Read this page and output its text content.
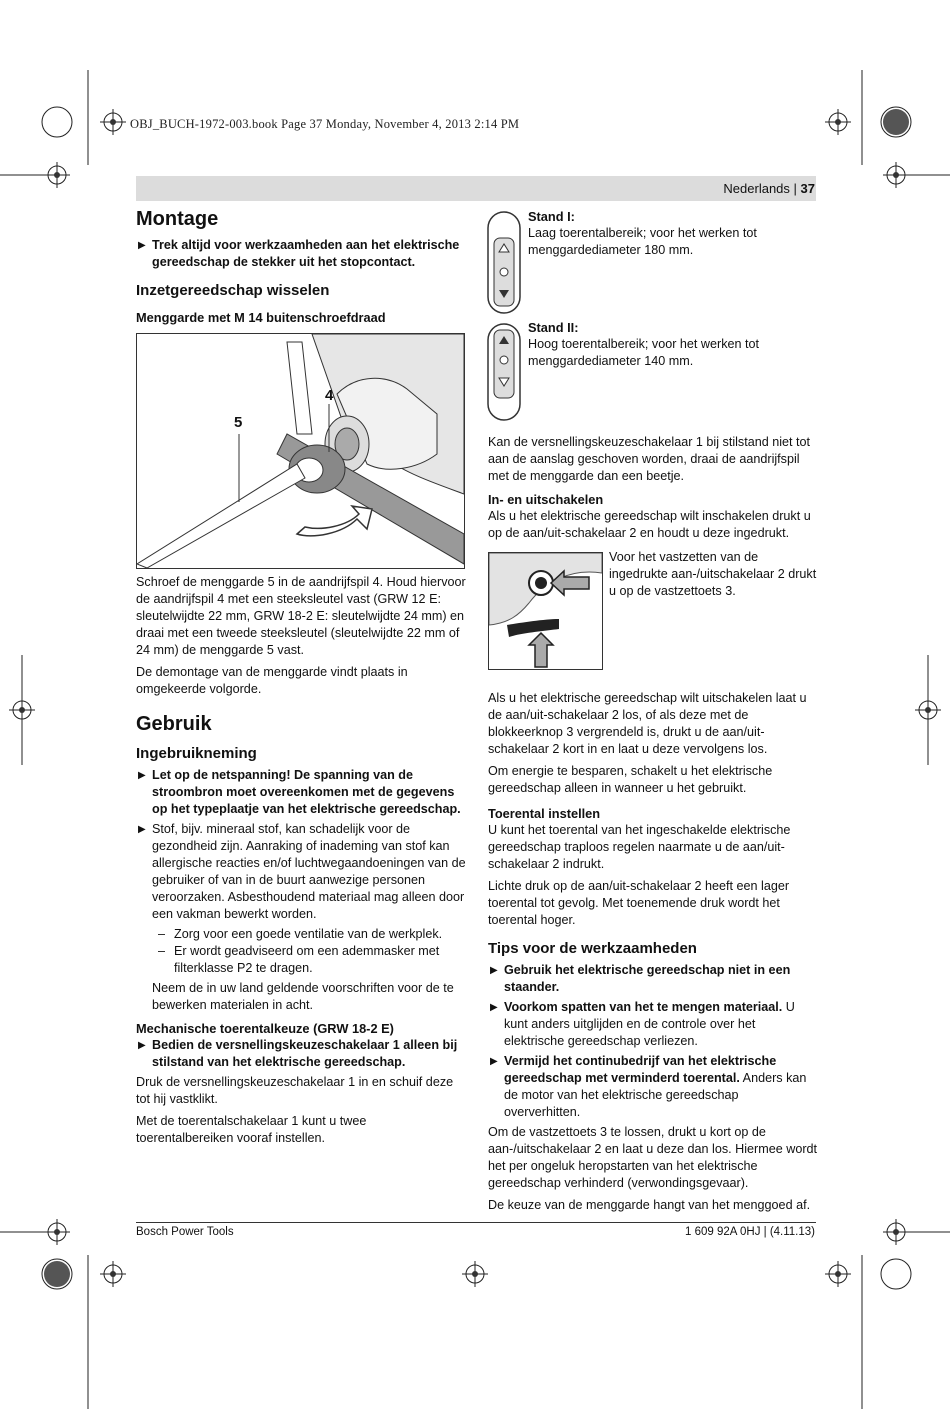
OBJ_BUCH-1972-003.book Page 37 Monday, November 4, 2013 2:14 PM
Nederlands | 37
Montage
▶ Trek altijd voor werkzaamheden aan het elektrische gereedschap de stekker uit het stopcontact.
Inzetgereedschap wisselen
Menggarde met M 14 buitenschroefdraad
5
4

Schroef de menggarde 5 in de aandrijfspil 4. Houd hiervoor de aandrijfspil 4 met een steeksleutel vast (GRW 12 E: sleutelwijdte 22 mm, GRW 18-2 E: sleutelwijdte 24 mm) en draai met een tweede steeksleutel (sleutelwijdte 22 mm of 24 mm) de menggarde 5 vast.

De demontage van de menggarde vindt plaats in omgekeerde volgorde.

Gebruik
Ingebruikneming
▶ Let op de netspanning! De spanning van de stroombron moet overeenkomen met de gegevens op het typeplaatje van het elektrische gereedschap.
▶ Stof, bijv. mineraal stof, kan schadelijk voor de gezondheid zijn. Aanraking of inademing van stof kan allergische reacties en/of luchtwegaandoeningen van de gebruiker of van in de buurt aanwezige personen veroorzaken. Asbesthoudend materiaal mag alleen door een vakman bewerkt worden.
– Zorg voor een goede ventilatie van de werkplek.
– Er wordt geadviseerd om een ademmasker met filterklasse P2 te dragen.

Neem de in uw land geldende voorschriften voor de te bewerken materialen in acht.

Mechanische toerentalkeuze (GRW 18-2 E)
▶ Bedien de versnellingskeuzeschakelaar 1 alleen bij stilstand van het elektrische gereedschap.

Druk de versnellingskeuzeschakelaar 1 in en schuif deze tot hij vastklikt.

Met de toerentalschakelaar 1 kunt u twee toerentalbereiken vooraf instellen.

Stand I:

Laag toerentalbereik; voor het werken tot menggardediameter 180 mm.

Stand II:

Hoog toerentalbereik; voor het werken tot menggardediameter 140 mm.

Kan de versnellingskeuzeschakelaar 1 bij stilstand niet tot aan de aanslag geschoven worden, draai de aandrijfspil met de menggarde dan een beetje.

In- en uitschakelen

Als u het elektrische gereedschap wilt inschakelen drukt u op de aan/uit-schakelaar 2 en houdt u deze ingedrukt.

Voor het vastzetten van de ingedrukte aan-/uitschakelaar 2 drukt u op de vastzettoets 3.

Als u het elektrische gereedschap wilt uitschakelen laat u de aan/uit-schakelaar 2 los, of als deze met de blokkeerknop 3 vergrendeld is, drukt u de aan/uit-schakelaar 2 kort in en laat u deze vervolgens los.

Om energie te besparen, schakelt u het elektrische gereedschap alleen in wanneer u het gebruikt.

Toerental instellen

U kunt het toerental van het ingeschakelde elektrische gereedschap traploos regelen naarmate u de aan/uit-schakelaar 2 indrukt.

Lichte druk op de aan/uit-schakelaar 2 heeft een lager toerental tot gevolg. Met toenemende druk wordt het toerental hoger.

Tips voor de werkzaamheden
▶ Gebruik het elektrische gereedschap niet in een staander.
▶ Voorkom spatten van het te mengen materiaal. U kunt anders uitglijden en de controle over het elektrische gereedschap verliezen.
▶ Vermijd het continubedrijf van het elektrische gereedschap met verminderd toerental. Anders kan de motor van het elektrische gereedschap oververhitten.

Om de vastzettoets 3 te lossen, drukt u kort op de aan-/uitschakelaar 2 en laat u deze dan los. Hiermee wordt het per ongeluk heropstarten van het elektrische gereedschap verhinderd (verwondingsgevaar).

De keuze van de menggarde hangt van het menggoed af.

Bosch Power Tools	1 609 92A 0HJ | (4.11.13)
